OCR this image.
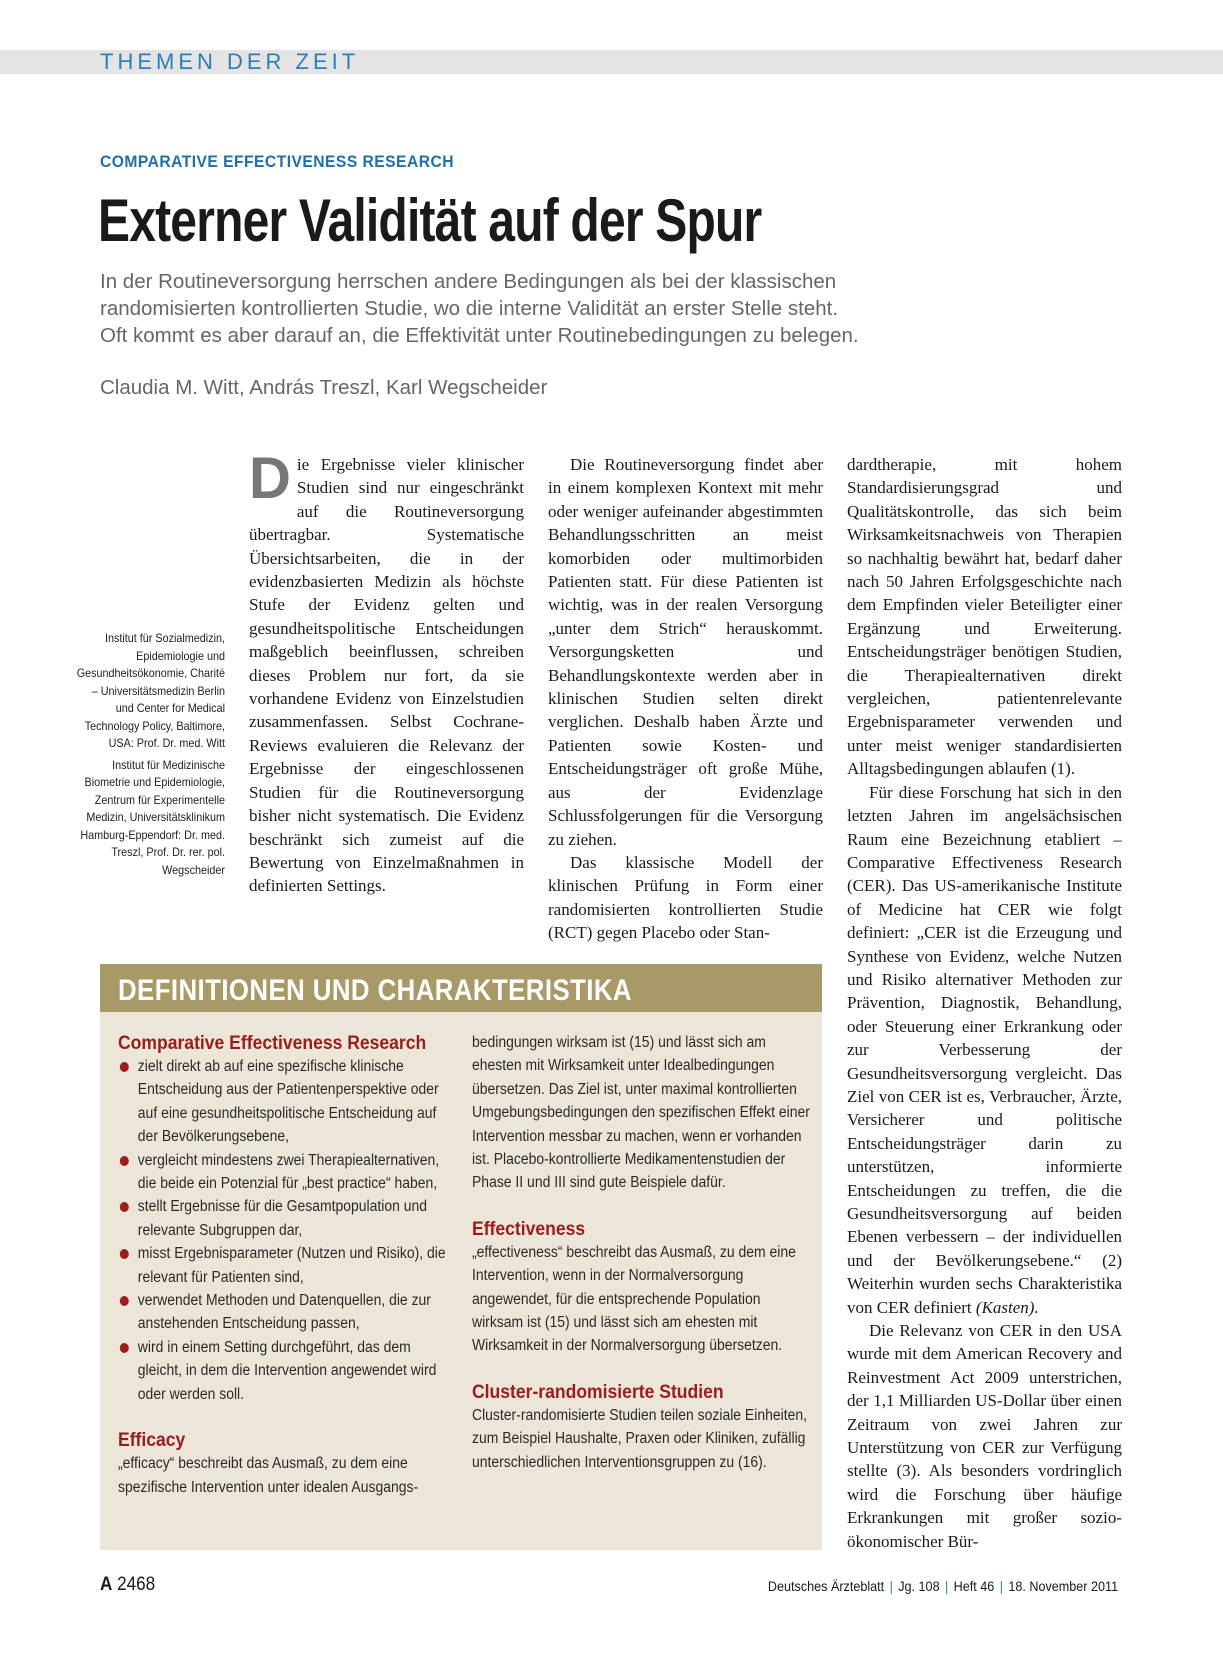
THEMEN DER ZEIT
COMPARATIVE EFFECTIVENESS RESEARCH
Externer Validität auf der Spur
In der Routineversorgung herrschen andere Bedingungen als bei der klassischen
randomisierten kontrollierten Studie, wo die interne Validität an erster Stelle steht.
Oft kommt es aber darauf an, die Effektivität unter Routinebedingungen zu belegen.
Claudia M. Witt, András Treszl, Karl Wegscheider

Institut für Sozialmedizin, Epidemiologie und Gesundheitsökonomie, Charité – Universitätsmedizin Berlin und Center for Medical Technology Policy, Baltimore, USA: Prof. Dr. med. Witt

Institut für Medizinische Biometrie und Epidemiologie, Zentrum für Experimentelle Medizin, Universitätsklinikum Hamburg-Eppendorf: Dr. med. Treszl, Prof. Dr. rer. pol. Wegscheider

Die Ergebnisse vieler klinischer Studien sind nur eingeschränkt auf die Routineversorgung übertragbar. Systematische Übersichtsarbeiten, die in der evidenzbasierten Medizin als höchste Stufe der Evidenz gelten und gesundheitspolitische Entscheidungen maßgeblich beeinflussen, schreiben dieses Problem nur fort, da sie vorhandene Evidenz von Einzelstudien zusammenfassen. Selbst Cochrane-Reviews evaluieren die Relevanz der Ergebnisse der eingeschlossenen Studien für die Routineversorgung bisher nicht systematisch. Die Evidenz beschränkt sich zumeist auf die Bewertung von Einzelmaßnahmen in definierten Settings.

Die Routineversorgung findet aber in einem komplexen Kontext mit mehr oder weniger aufeinander abgestimmten Behandlungsschritten an meist komorbiden oder multimorbiden Patienten statt. Für diese Patienten ist wichtig, was in der realen Versorgung „unter dem Strich“ herauskommt. Versorgungsketten und Behandlungskontexte werden aber in klinischen Studien selten direkt verglichen. Deshalb haben Ärzte und Patienten sowie Kosten- und Entscheidungsträger oft große Mühe, aus der Evidenzlage Schlussfolgerungen für die Versorgung zu ziehen.

Das klassische Modell der klinischen Prüfung in Form einer randomisierten kontrollierten Studie (RCT) gegen Placebo oder Stan-

dardtherapie, mit hohem Standardisierungsgrad und Qualitätskontrolle, das sich beim Wirksamkeitsnachweis von Therapien so nachhaltig bewährt hat, bedarf daher nach 50 Jahren Erfolgsgeschichte nach dem Empfinden vieler Beteiligter einer Ergänzung und Erweiterung. Entscheidungsträger benötigen Studien, die Therapiealternativen direkt vergleichen, patientenrelevante Ergebnisparameter verwenden und unter meist weniger standardisierten Alltagsbedingungen ablaufen (1).

Für diese Forschung hat sich in den letzten Jahren im angelsächsischen Raum eine Bezeichnung etabliert – Comparative Effectiveness Research (CER). Das US-amerikanische Institute of Medicine hat CER wie folgt definiert: „CER ist die Erzeugung und Synthese von Evidenz, welche Nutzen und Risiko alternativer Methoden zur Prävention, Diagnostik, Behandlung, oder Steuerung einer Erkrankung oder zur Verbesserung der Gesundheitsversorgung vergleicht. Das Ziel von CER ist es, Verbraucher, Ärzte, Versicherer und politische Entscheidungsträger darin zu unterstützen, informierte Entscheidungen zu treffen, die die Gesundheitsversorgung auf beiden Ebenen verbessern – der individuellen und der Bevölkerungsebene.“ (2) Weiterhin wurden sechs Charakteristika von CER definiert (Kasten).

Die Relevanz von CER in den USA wurde mit dem American Recovery and Reinvestment Act 2009 unterstrichen, der 1,1 Milliarden US-Dollar über einen Zeitraum von zwei Jahren zur Unterstützung von CER zur Verfügung stellte (3). Als besonders vordringlich wird die Forschung über häufige Erkrankungen mit großer sozio-ökonomischer Bür-

DEFINITIONEN UND CHARAKTERISTIKA

Comparative Effectiveness Research

zielt direkt ab auf eine spezifische klinische Entscheidung aus der Patientenperspektive oder auf eine gesundheitspolitische Entscheidung auf der Bevölkerungsebene,
vergleicht mindestens zwei Therapiealternativen, die beide ein Potenzial für „best practice“ haben,
stellt Ergebnisse für die Gesamtpopulation und relevante Subgruppen dar,
misst Ergebnisparameter (Nutzen und Risiko), die relevant für Patienten sind,
verwendet Methoden und Datenquellen, die zur anstehenden Entscheidung passen,
wird in einem Setting durchgeführt, das dem gleicht, in dem die Intervention angewendet wird oder werden soll.

Efficacy

„efficacy“ beschreibt das Ausmaß, zu dem eine spezifische Intervention unter idealen Ausgangs-

bedingungen wirksam ist (15) und lässt sich am ehesten mit Wirksamkeit unter Idealbedingungen übersetzen. Das Ziel ist, unter maximal kontrollierten Umgebungsbedingungen den spezifischen Effekt einer Intervention messbar zu machen, wenn er vorhanden ist. Placebo-kontrollierte Medikamentenstudien der Phase II und III sind gute Beispiele dafür.

Effectiveness

„effectiveness“ beschreibt das Ausmaß, zu dem eine Intervention, wenn in der Normalversorgung angewendet, für die entsprechende Population wirksam ist (15) und lässt sich am ehesten mit Wirksamkeit in der Normalversorgung übersetzen.

Cluster-randomisierte Studien

Cluster-randomisierte Studien teilen soziale Einheiten, zum Beispiel Haushalte, Praxen oder Kliniken, zufällig unterschiedlichen Interventionsgruppen zu (16).

A 2468	Deutsches Ärzteblatt | Jg. 108 | Heft 46 | 18. November 2011
